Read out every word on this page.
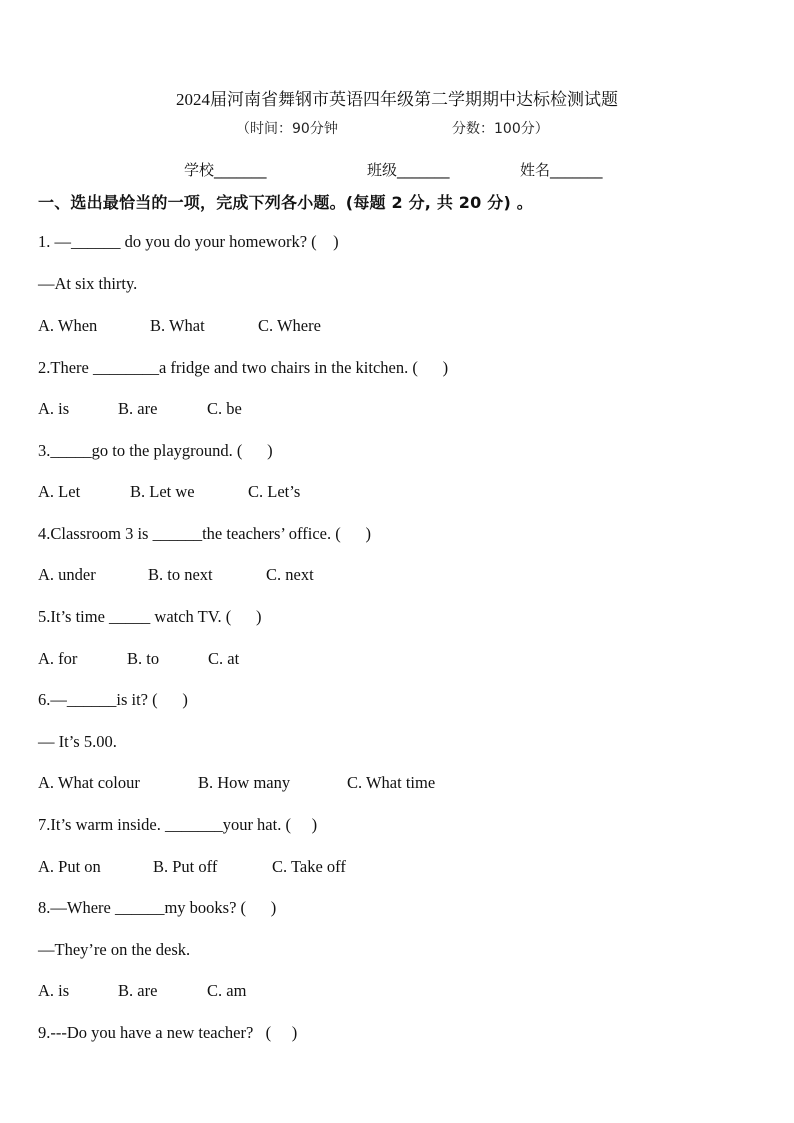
2024届河南省舞钢市英语四年级第二学期期中达标检测试题
（时间：90分钟	分数：100分）
学校_______	班级_______	姓名_______
一、选出最恰当的一项，完成下列各小题。(每题 2 分, 共 20 分) 。
1. —______ do you do your homework? (    )
—At six thirty.
A. When	B. What	C. Where
2.There ________a fridge and two chairs in the kitchen. (      )
A. is	B. are	C. be
3._____go to the playground. (      )
A. Let	B. Let we	C. Let’s
4.Classroom 3 is ______the teachers’ office. (      )
A. under	B. to next	C. next
5.It’s time _____ watch TV. (      )
A. for	B. to	C. at
6.—______is it? (      )
— It’s 5.00.
A. What colour	B. How many	C. What time
7.It’s warm inside. _______your hat. (     )
A. Put on	B. Put off	C. Take off
8.—Where ______my books? (      )
—They’re on the desk.
A. is	B. are	C. am
9.---Do you have a new teacher?   (     )
